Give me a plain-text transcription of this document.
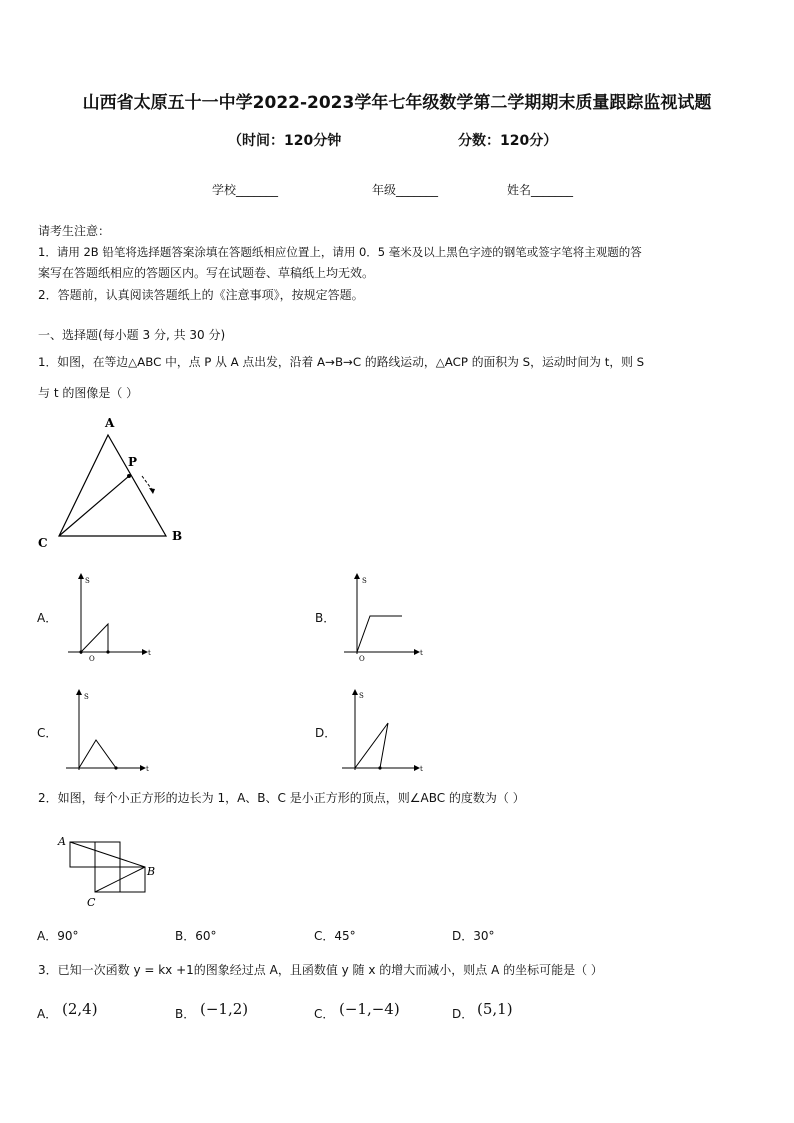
山西省太原五十一中学2022-2023学年七年级数学第二学期期末质量跟踪监视试题
（时间：120分钟	分数：120分）
学校_______	年级_______	姓名_______
请考生注意：
1．请用 2B 铅笔将选择题答案涂填在答题纸相应位置上，请用 0．5 毫米及以上黑色字迹的钢笔或签字笔将主观题的答
案写在答题纸相应的答题区内。写在试题卷、草稿纸上均无效。
2．答题前，认真阅读答题纸上的《注意事项》，按规定答题。
一、选择题(每小题 3 分, 共 30 分)
1．如图，在等边△ABC 中，点 P 从 A 点出发，沿着 A→B→C 的路线运动，△ACP 的面积为 S，运动时间为 t，则 S
与 t 的图像是（ ）
A
C	B
P
A．	B．
C．	D．
S
t
O
S
t
O
S
t
S
t
2．如图，每个小正方形的边长为 1，A、B、C 是小正方形的顶点，则∠ABC 的度数为（ ）
A
B
C
A．90°	B．60°	C．45°	D．30°
3．已知一次函数 y = kx +1的图象经过点 A，且函数值 y 随 x 的增大而减小，则点 A 的坐标可能是（ ）
A． (2,4)	B． (−1,2)	C． (−1,−4)	D． (5,1)
